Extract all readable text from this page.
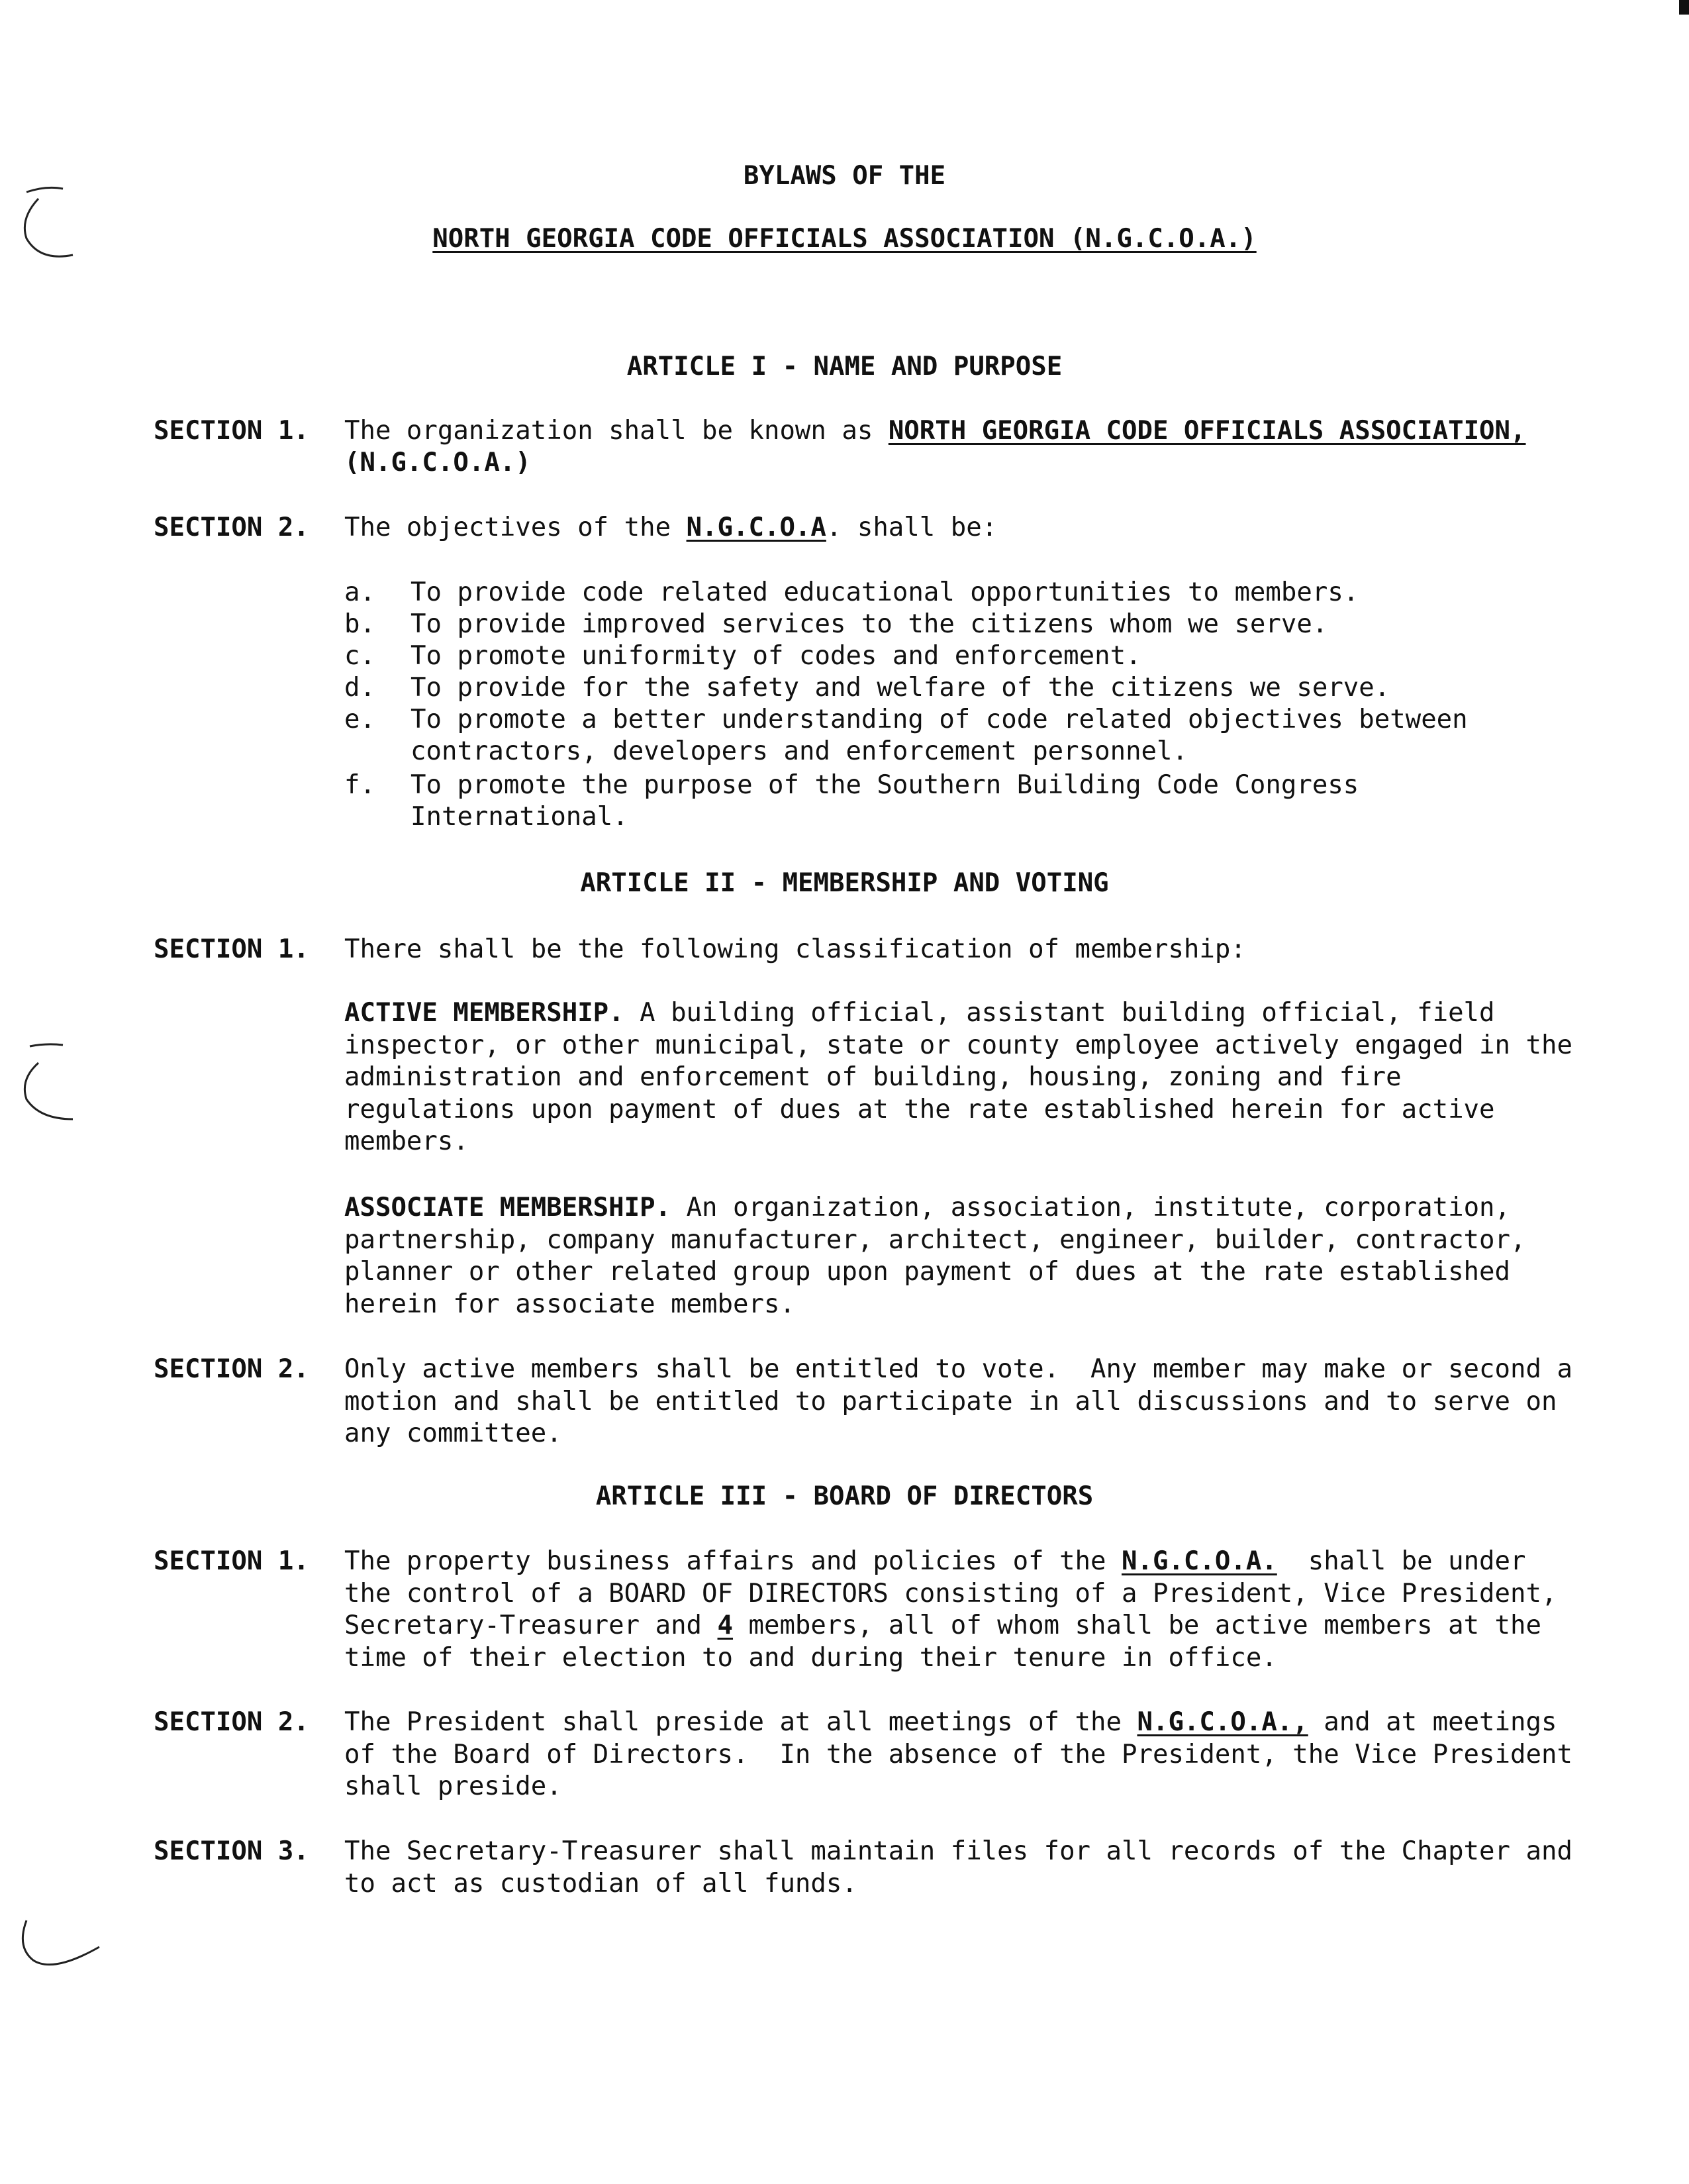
BYLAWS OF THE

NORTH GEORGIA CODE OFFICIALS ASSOCIATION (N.G.C.O.A.)

ARTICLE I - NAME AND PURPOSE

SECTION 1. The organization shall be known as NORTH GEORGIA CODE OFFICIALS ASSOCIATION,

(N.G.C.O.A.)

SECTION 2. The objectives of the N.G.C.O.A. shall be:

a. To provide code related educational opportunities to members.

b. To provide improved services to the citizens whom we serve.

c. To promote uniformity of codes and enforcement.

d. To provide for the safety and welfare of the citizens we serve.

e. To promote a better understanding of code related objectives between

contractors, developers and enforcement personnel.

f. To promote the purpose of the Southern Building Code Congress

International.

ARTICLE II - MEMBERSHIP AND VOTING

SECTION 1. There shall be the following classification of membership:

ACTIVE MEMBERSHIP. A building official, assistant building official, field
inspector, or other municipal, state or county employee actively engaged in the
administration and enforcement of building, housing, zoning and fire
regulations upon payment of dues at the rate established herein for active
members.
ASSOCIATE MEMBERSHIP. An organization, association, institute, corporation,
partnership, company manufacturer, architect, engineer, builder, contractor,
planner or other related group upon payment of dues at the rate established
herein for associate members.

SECTION 2. Only active members shall be entitled to vote.  Any member may make or second a
motion and shall be entitled to participate in all discussions and to serve on
any committee.

ARTICLE III - BOARD OF DIRECTORS

SECTION 1. The property business affairs and policies of the N.G.C.O.A.  shall be under
the control of a BOARD OF DIRECTORS consisting of a President, Vice President,
Secretary-Treasurer and 4 members, all of whom shall be active members at the
time of their election to and during their tenure in office.

SECTION 2. The President shall preside at all meetings of the N.G.C.O.A., and at meetings
of the Board of Directors.  In the absence of the President, the Vice President
shall preside.

SECTION 3. The Secretary-Treasurer shall maintain files for all records of the Chapter and
to act as custodian of all funds.
